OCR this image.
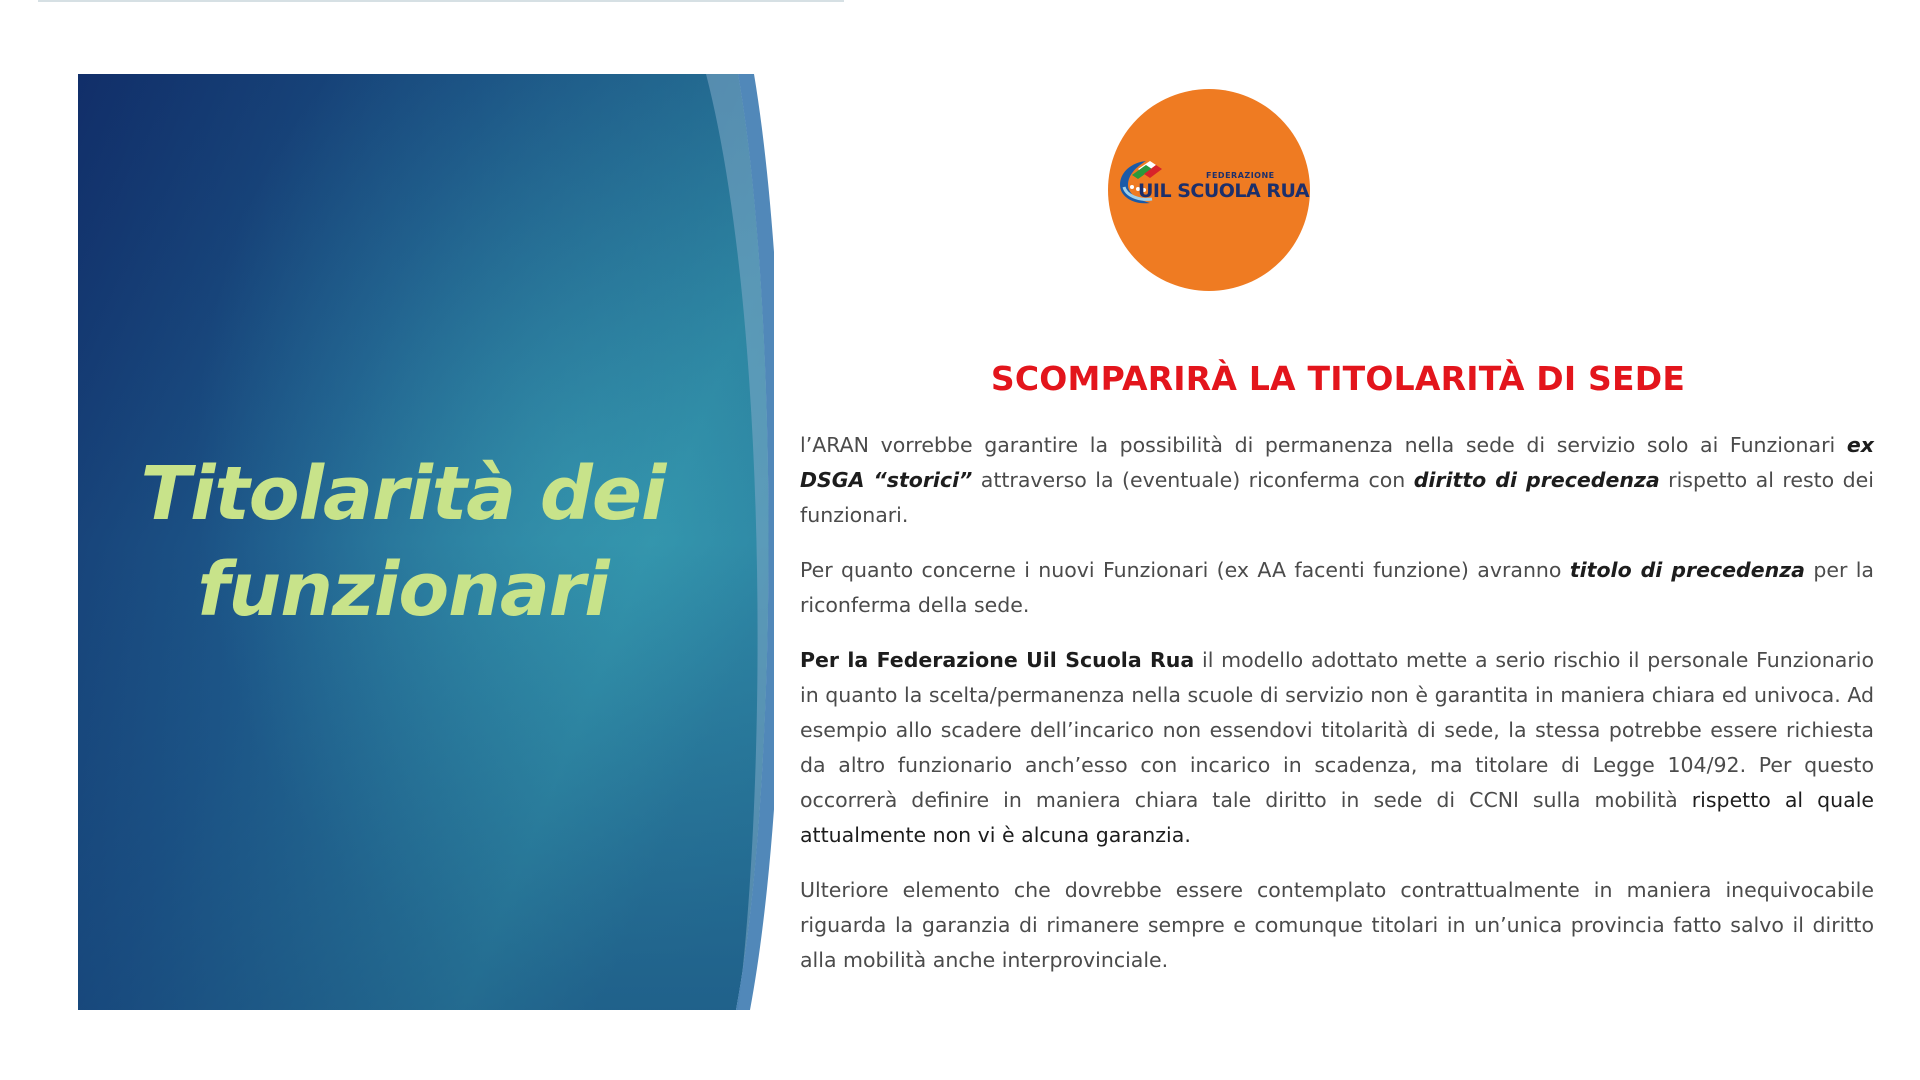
Titolarità dei
funzionari
FEDERAZIONE
UIL SCUOLA RUA
SCOMPARIRÀ LA TITOLARITÀ DI SEDE

l’ARAN vorrebbe garantire la possibilità di permanenza nella sede di servizio solo ai Funzionari ex DSGA “storici” attraverso la (eventuale) riconferma con diritto di precedenza rispetto al resto dei funzionari.

Per quanto concerne i nuovi Funzionari (ex AA facenti funzione) avranno titolo di precedenza per la riconferma della sede.

Per la Federazione Uil Scuola Rua il modello adottato mette a serio rischio il personale Funzionario in quanto la scelta/permanenza nella scuole di servizio non è garantita in maniera chiara ed univoca. Ad esempio allo scadere dell’incarico non essendovi titolarità di sede, la stessa potrebbe essere richiesta da altro funzionario anch’esso con incarico in scadenza, ma titolare di Legge 104/92. Per questo occorrerà definire in maniera chiara tale diritto in sede di CCNl sulla mobilità rispetto al quale attualmente non vi è alcuna garanzia.

Ulteriore elemento che dovrebbe essere contemplato contrattualmente in maniera inequivocabile riguarda la garanzia di rimanere sempre e comunque titolari in un’unica provincia fatto salvo il diritto alla mobilità anche interprovinciale.
